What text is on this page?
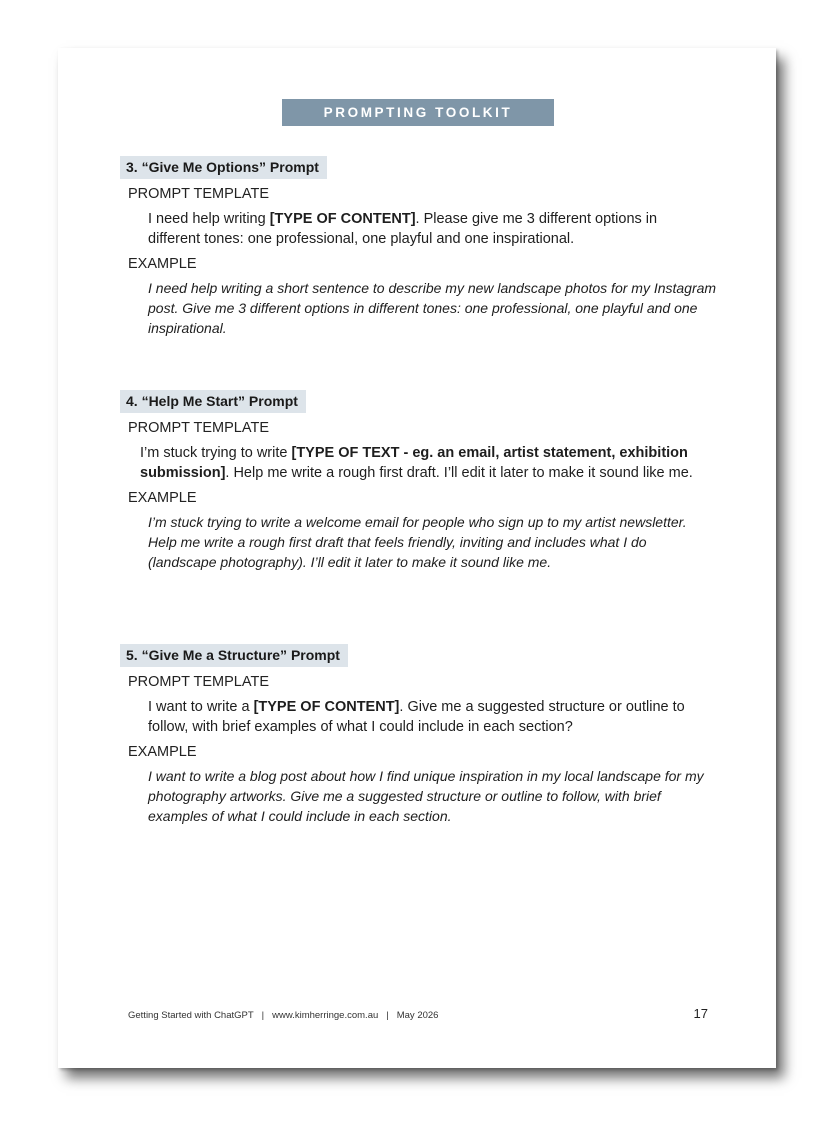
PROMPTING TOOLKIT
3. “Give Me Options” Prompt
PROMPT TEMPLATE
I need help writing [TYPE OF CONTENT]. Please give me 3 different options in different tones: one professional, one playful and one inspirational.
EXAMPLE
I need help writing a short sentence to describe my new landscape photos for my Instagram post. Give me 3 different options in different tones: one professional, one playful and one inspirational.
4. “Help Me Start” Prompt
PROMPT TEMPLATE
I’m stuck trying to write [TYPE OF TEXT - eg. an email, artist statement, exhibition submission]. Help me write a rough first draft. I’ll edit it later to make it sound like me.
EXAMPLE
I’m stuck trying to write a welcome email for people who sign up to my artist newsletter. Help me write a rough first draft that feels friendly, inviting and includes what I do (landscape photography). I’ll edit it later to make it sound like me.
5. “Give Me a Structure” Prompt
PROMPT TEMPLATE
I want to write a [TYPE OF CONTENT]. Give me a suggested structure or outline to follow, with brief examples of what I could include in each section?
EXAMPLE
I want to write a blog post about how I find unique inspiration in my local landscape for my photography artworks. Give me a suggested structure or outline to follow, with brief examples of what I could include in each section.
Getting Started with ChatGPT | www.kimherringe.com.au | May 2026	17
